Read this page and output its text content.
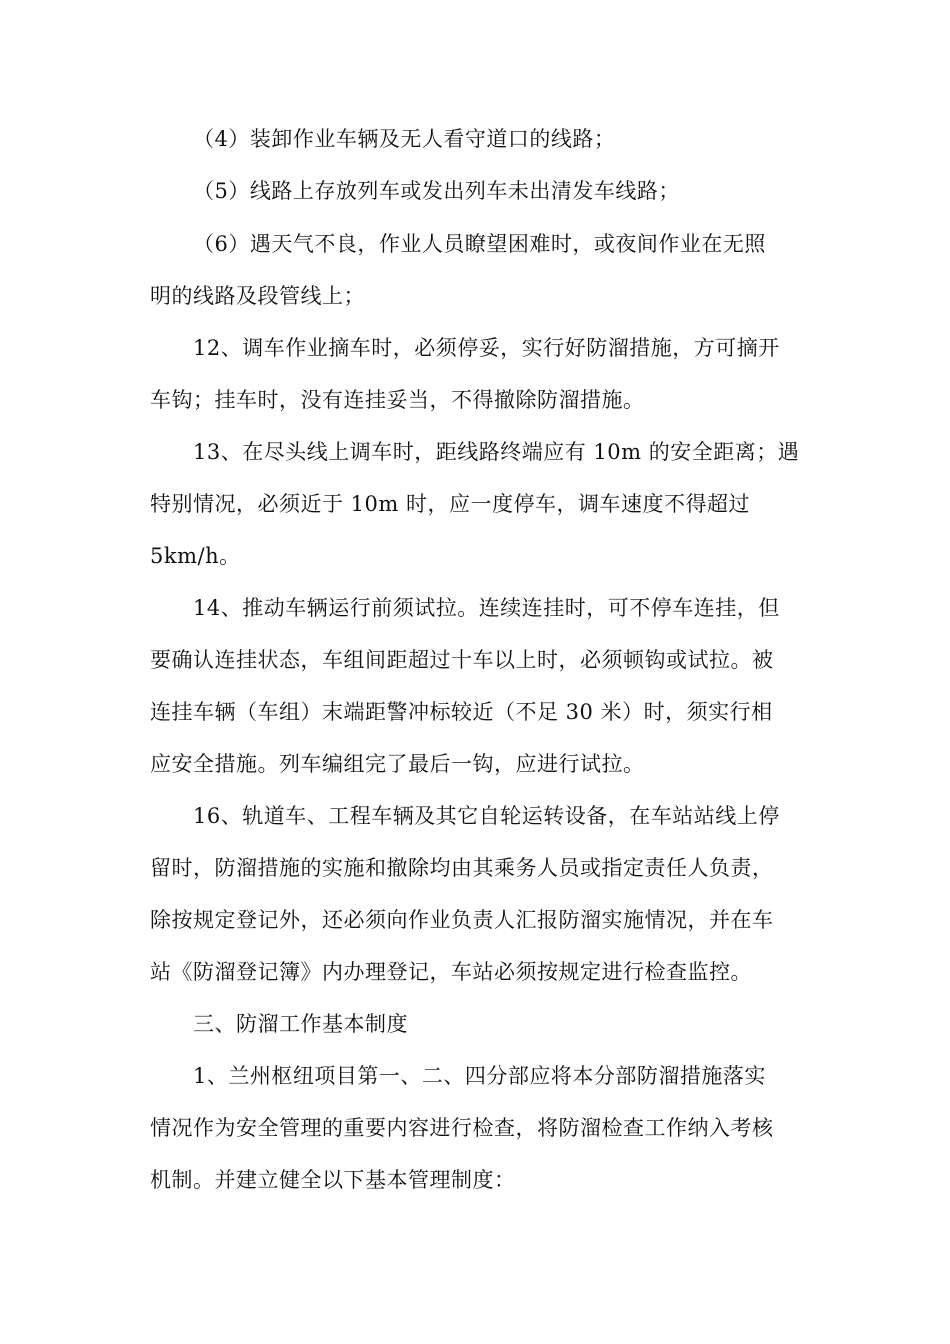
（4）装卸作业车辆及无人看守道口的线路；
（5）线路上存放列车或发出列车未出清发车线路；
（6）遇天气不良，作业人员瞭望困难时，或夜间作业在无照
明的线路及段管线上；
12、调车作业摘车时，必须停妥，实行好防溜措施，方可摘开
车钩；挂车时，没有连挂妥当，不得撤除防溜措施。
13、在尽头线上调车时，距线路终端应有 10m 的安全距离；遇
特别情况，必须近于 10m 时，应一度停车，调车速度不得超过
5km/h。
14、推动车辆运行前须试拉。连续连挂时，可不停车连挂，但
要确认连挂状态，车组间距超过十车以上时，必须顿钩或试拉。被
连挂车辆（车组）末端距警冲标较近（不足 30 米）时，须实行相
应安全措施。列车编组完了最后一钩，应进行试拉。
16、轨道车、工程车辆及其它自轮运转设备，在车站站线上停
留时，防溜措施的实施和撤除均由其乘务人员或指定责任人负责，
除按规定登记外，还必须向作业负责人汇报防溜实施情况，并在车
站《防溜登记簿》内办理登记，车站必须按规定进行检查监控。
三、防溜工作基本制度
1、兰州枢纽项目第一、二、四分部应将本分部防溜措施落实
情况作为安全管理的重要内容进行检查，将防溜检查工作纳入考核
机制。并建立健全以下基本管理制度：
